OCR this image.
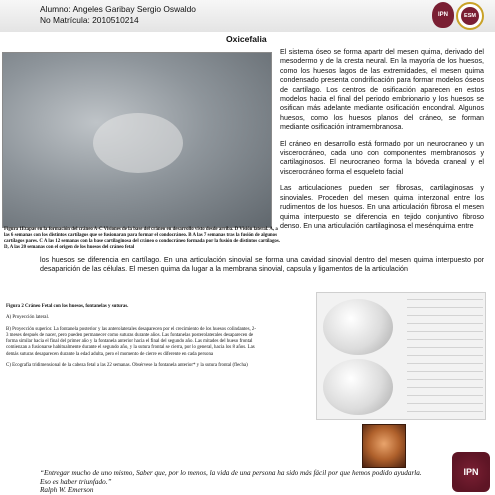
Alumno: Angeles Garibay Sergio Oswaldo
No Matrícula: 2010510214	IPN	ESM
Oxicefalia

El sistema óseo se forma apartr del mesen quima, derivado del mesodermo y de la cresta neural. En la mayoría de los huesos, como los huesos lagos de las extremidades, el mesen quima condensado presenta condrificación para formar modelos óseos de cartílago. Los centros de osificación aparecen en estos modelos hacia el final del periodo embrionario y los huesos se osifican más adelante mediante osificación encondral. Algunos huesos, como los huesos planos del cráneo, se forman mediante osificación intramembranosa.

El cráneo en desarrollo está formado por un neurocraneo y un viscerocráneo, cada uno con componentes membranosos y cartilaginosos. El neurocraneo forma la bóveda craneal y el viscerocráneo forma el esqueleto facial

Las articulaciones pueden ser fibrosas, cartilaginosas y sinoviales. Proceden del mesen quima interzonal entre los rudimentos de los huesos. En una articulación fibrosa el mesen quima interpuesto se diferencia en tejido conjuntivo fibroso denso. En una articulación cartilaginosa el mesénquima entre

Figura 1Etapas en la formación del cráneo A-C Visiones de la base del cráneo en desarrollo visto desde arriba. D Visión lateral. A, a las 6 semanas con los distintos cartílagos que se fusionaran para formar el condocráneo. B A las 7 semanas tras la fusión de algunos cartílagos pares. C A las 12 semanas con la base cartilaginosa del cráneo o condocráneo formada por la fusión de distintos cartílagos. D, A las 20 semanas con el origen de los huesos del cráneo fetal
los huesos se diferencia en cartílago. En una articulación sinovial se forma una cavidad sinovial dentro del mesen quima interpuesto por desaparición de las células. El mesen quima da lugar a la membrana sinovial, capsula y ligamentos de la articulación

Figura 2 Cráneo Fetal con los huesos, fontanelas y suturas.

A) Proyección lateral.

B) Proyección superior. La fontanela posterior y las anterolaterales desaparecen por el crecimiento de los huesos colindantes, 2-3 meses después de nacer, pero pueden permanecer como suturas durante años. Las fontanelas posterolaterales desaparecen de forma similar hacia el final del primer año y la fontanela anterior hacia el final del segundo año. Las mitades del hueso frontal comienzan a fusionarse habitualmente durante el segundo año, y la sutura frontal se cierra, por lo general, hacia los 8 años. Las demás suturas desaparecen durante la edad adulta, pero el momento de cierre es diferente en cada persona

C) Ecografía tridimensional de la cabeza fetal a las 22 semanas. Obsérvese la fontanela anterior* y la sutura frontal (flecha)

“Entregar mucho de uno mismo, Saber que, por lo menos, la vida de una persona ha sido más fácil por que hemos podido ayudarla. Eso es haber triunfado.”
Ralph W. Emerson
IPN
